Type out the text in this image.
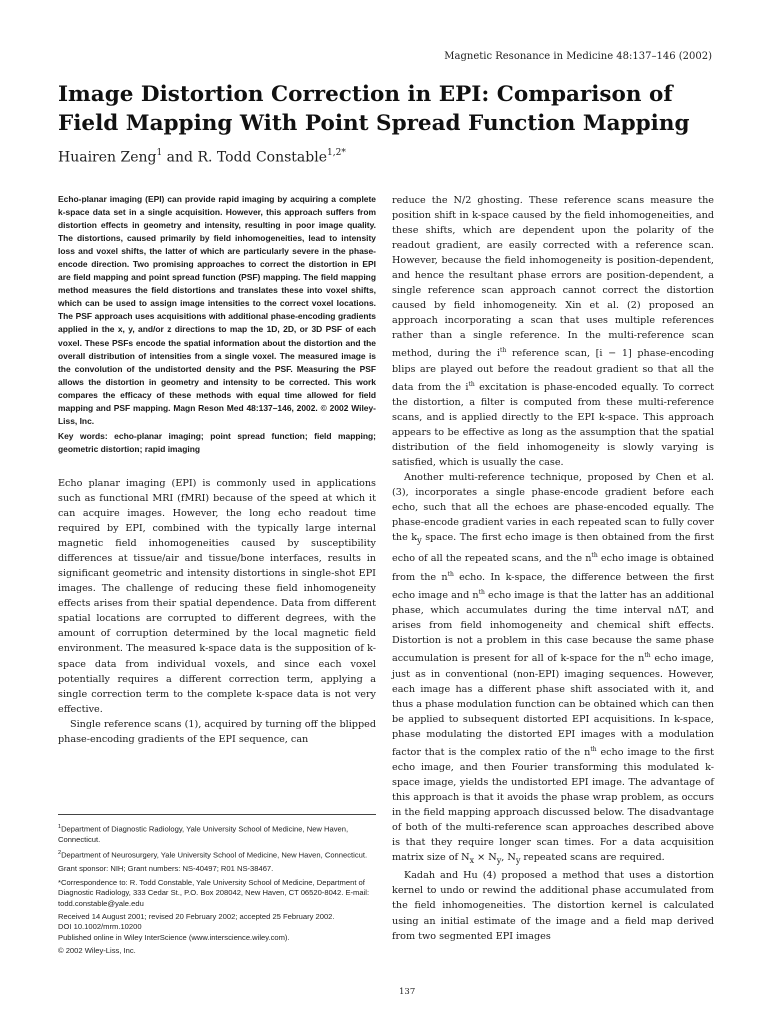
Magnetic Resonance in Medicine 48:137–146 (2002)
Image Distortion Correction in EPI: Comparison of Field Mapping With Point Spread Function Mapping

Huairen Zeng$^1$ and R. Todd Constable$^{1,2*}$

Echo-planar imaging (EPI) can provide rapid imaging by acquiring a complete k-space data set in a single acquisition. However, this approach suffers from distortion effects in geometry and intensity, resulting in poor image quality. The distortions, caused primarily by field inhomogeneities, lead to intensity loss and voxel shifts, the latter of which are particularly severe in the phase-encode direction. Two promising approaches to correct the distortion in EPI are field mapping and point spread function (PSF) mapping. The field mapping method measures the field distortions and translates these into voxel shifts, which can be used to assign image intensities to the correct voxel locations. The PSF approach uses acquisitions with additional phase-encoding gradients applied in the x, y, and/or z directions to map the 1D, 2D, or 3D PSF of each voxel. These PSFs encode the spatial information about the distortion and the overall distribution of intensities from a single voxel. The measured image is the convolution of the undistorted density and the PSF. Measuring the PSF allows the distortion in geometry and intensity to be corrected. This work compares the efficacy of these methods with equal time allowed for field mapping and PSF mapping. Magn Reson Med 48:137–146, 2002. © 2002 Wiley-Liss, Inc.

Key words: echo-planar imaging; point spread function; field mapping; geometric distortion; rapid imaging

Echo planar imaging (EPI) is commonly used in applications such as functional MRI (fMRI) because of the speed at which it can acquire images. However, the long echo readout time required by EPI, combined with the typically large internal magnetic field inhomogeneities caused by susceptibility differences at tissue/air and tissue/bone interfaces, results in significant geometric and intensity distortions in single-shot EPI images. The challenge of reducing these field inhomogeneity effects arises from their spatial dependence. Data from different spatial locations are corrupted to different degrees, with the amount of corruption determined by the local magnetic field environment. The measured k-space data is the supposition of k-space data from individual voxels, and since each voxel potentially requires a different correction term, applying a single correction term to the complete k-space data is not very effective.

Single reference scans (1), acquired by turning off the blipped phase-encoding gradients of the EPI sequence, can

reduce the N/2 ghosting. These reference scans measure the position shift in k-space caused by the field inhomogeneities, and these shifts, which are dependent upon the polarity of the readout gradient, are easily corrected with a reference scan. However, because the field inhomogeneity is position-dependent, and hence the resultant phase errors are position-dependent, a single reference scan approach cannot correct the distortion caused by field inhomogeneity. Xin et al. (2) proposed an approach incorporating a scan that uses multiple references rather than a single reference. In the multi-reference scan method, during the $i^{th}$ reference scan, [i − 1] phase-encoding blips are played out before the readout gradient so that all the data from the $i^{th}$ excitation is phase-encoded equally. To correct the distortion, a filter is computed from these multi-reference scans, and is applied directly to the EPI k-space. This approach appears to be effective as long as the assumption that the spatial distribution of the field inhomogeneity is slowly varying is satisfied, which is usually the case.

Another multi-reference technique, proposed by Chen et al. (3), incorporates a single phase-encode gradient before each echo, such that all the echoes are phase-encoded equally. The phase-encode gradient varies in each repeated scan to fully cover the $k_y$ space. The first echo image is then obtained from the first echo of all the repeated scans, and the $n^{th}$ echo image is obtained from the $n^{th}$ echo. In k-space, the difference between the first echo image and $n^{th}$ echo image is that the latter has an additional phase, which accumulates during the time interval nΔT, and arises from field inhomogeneity and chemical shift effects. Distortion is not a problem in this case because the same phase accumulation is present for all of k-space for the $n^{th}$ echo image, just as in conventional (non-EPI) imaging sequences. However, each image has a different phase shift associated with it, and thus a phase modulation function can be obtained which can then be applied to subsequent distorted EPI acquisitions. In k-space, phase modulating the distorted EPI images with a modulation factor that is the complex ratio of the $n^{th}$ echo image to the first echo image, and then Fourier transforming this modulated k-space image, yields the undistorted EPI image. The advantage of this approach is that it avoids the phase wrap problem, as occurs in the field mapping approach discussed below. The disadvantage of both of the multi-reference scan approaches described above is that they require longer scan times. For a data acquisition matrix size of $N_x \times N_y$, $N_y$ repeated scans are required.

Kadah and Hu (4) proposed a method that uses a distortion kernel to undo or rewind the additional phase accumulated from the field inhomogeneities. The distortion kernel is calculated using an initial estimate of the image and a field map derived from two segmented EPI images

$^1$Department of Diagnostic Radiology, Yale University School of Medicine, New Haven, Connecticut.

$^2$Department of Neurosurgery, Yale University School of Medicine, New Haven, Connecticut.

Grant sponsor: NIH; Grant numbers: NS-40497; R01 NS-38467.

*Correspondence to: R. Todd Constable, Yale University School of Medicine, Department of Diagnostic Radiology, 333 Cedar St., P.O. Box 208042, New Haven, CT 06520-8042. E-mail: todd.constable@yale.edu

Received 14 August 2001; revised 20 February 2002; accepted 25 February 2002.

DOI 10.1002/mrm.10200

Published online in Wiley InterScience (www.interscience.wiley.com).

© 2002 Wiley-Liss, Inc.

137
